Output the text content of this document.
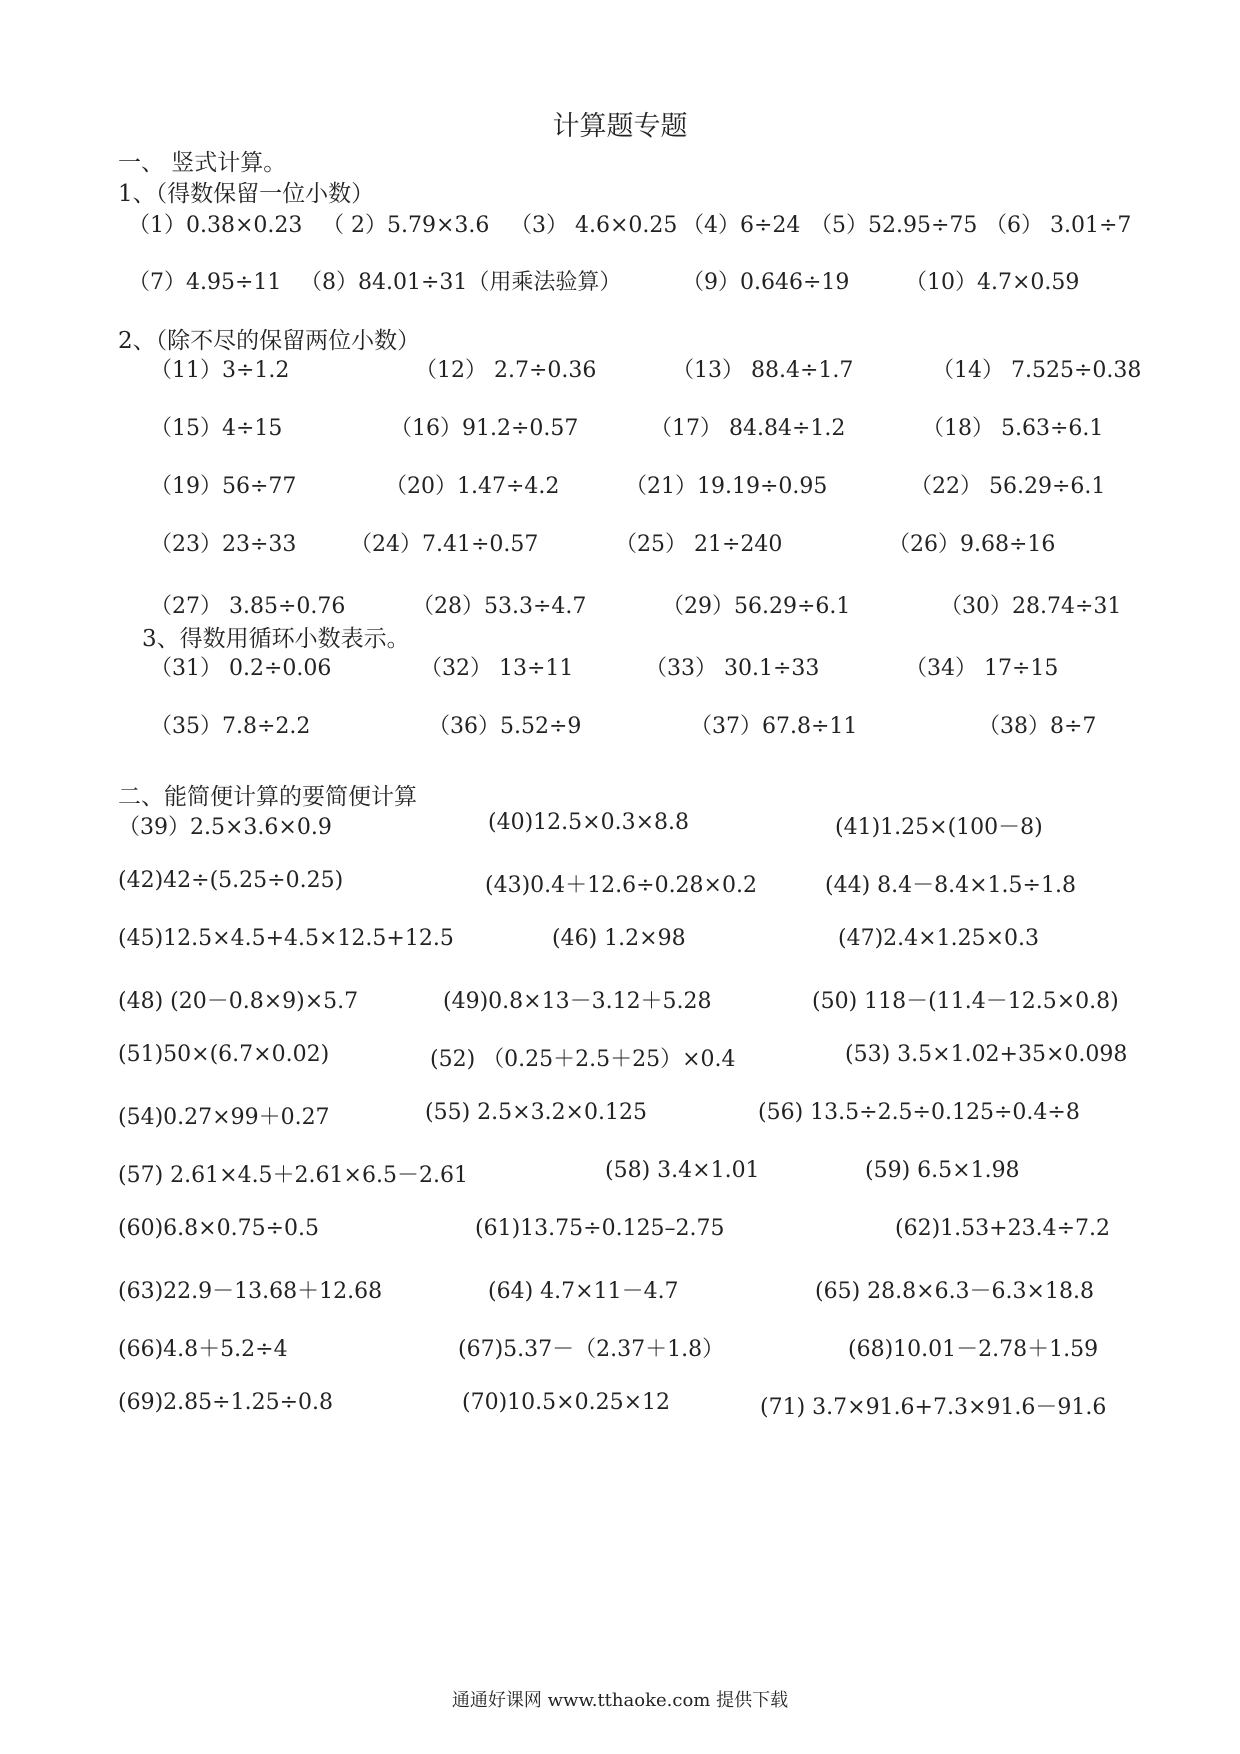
计算题专题
一、 竖式计算。
1、（得数保留一位小数）
（1）0.38×0.23 （ 2）5.79×3.6 （3） 4.6×0.25 （4）6÷24 （5）52.95÷75 （6） 3.01÷7
（7）4.95÷11 （8）84.01÷31（用乘法验算）	（9）0.646÷19	（10）4.7×0.59
2、（除不尽的保留两位小数）
（11）3÷1.2	（12） 2.7÷0.36	（13） 88.4÷1.7	（14） 7.525÷0.38
（15）4÷15	（16）91.2÷0.57	（17） 84.84÷1.2	（18） 5.63÷6.1
（19）56÷77	（20）1.47÷4.2	（21）19.19÷0.95	（22） 56.29÷6.1
（23）23÷33 （24）7.41÷0.57	（25） 21÷240	（26）9.68÷16
（27） 3.85÷0.76	（28）53.3÷4.7	（29）56.29÷6.1	（30）28.74÷31
3、得数用循环小数表示。
（31） 0.2÷0.06	（32） 13÷11	（33） 30.1÷33	（34） 17÷15
（35）7.8÷2.2	（36）5.52÷9	（37）67.8÷11	（38）8÷7
二、能简便计算的要简便计算
（39）2.5×3.6×0.9	(40)12.5×0.3×8.8	(41)1.25×(100－8)
(42)42÷(5.25÷0.25)	(43)0.4＋12.6÷0.28×0.2	(44) 8.4－8.4×1.5÷1.8
(45)12.5×4.5+4.5×12.5+12.5	(46) 1.2×98	(47)2.4×1.25×0.3
(48) (20－0.8×9)×5.7	(49)0.8×13－3.12＋5.28	(50) 118－(11.4－12.5×0.8)
(51)50×(6.7×0.02)	(52) （0.25＋2.5＋25）×0.4	(53) 3.5×1.02+35×0.098
(54)0.27×99＋0.27	(55) 2.5×3.2×0.125	(56) 13.5÷2.5÷0.125÷0.4÷8
(57) 2.61×4.5＋2.61×6.5－2.61	(58) 3.4×1.01	(59) 6.5×1.98
(60)6.8×0.75÷0.5	(61)13.75÷0.125–2.75	(62)1.53+23.4÷7.2
(63)22.9－13.68＋12.68	(64) 4.7×11－4.7	(65) 28.8×6.3－6.3×18.8
(66)4.8＋5.2÷4	(67)5.37－（2.37＋1.8）	(68)10.01－2.78＋1.59
(69)2.85÷1.25÷0.8	(70)10.5×0.25×12	(71) 3.7×91.6+7.3×91.6－91.6
通通好课网 www.tthaoke.com 提供下载
